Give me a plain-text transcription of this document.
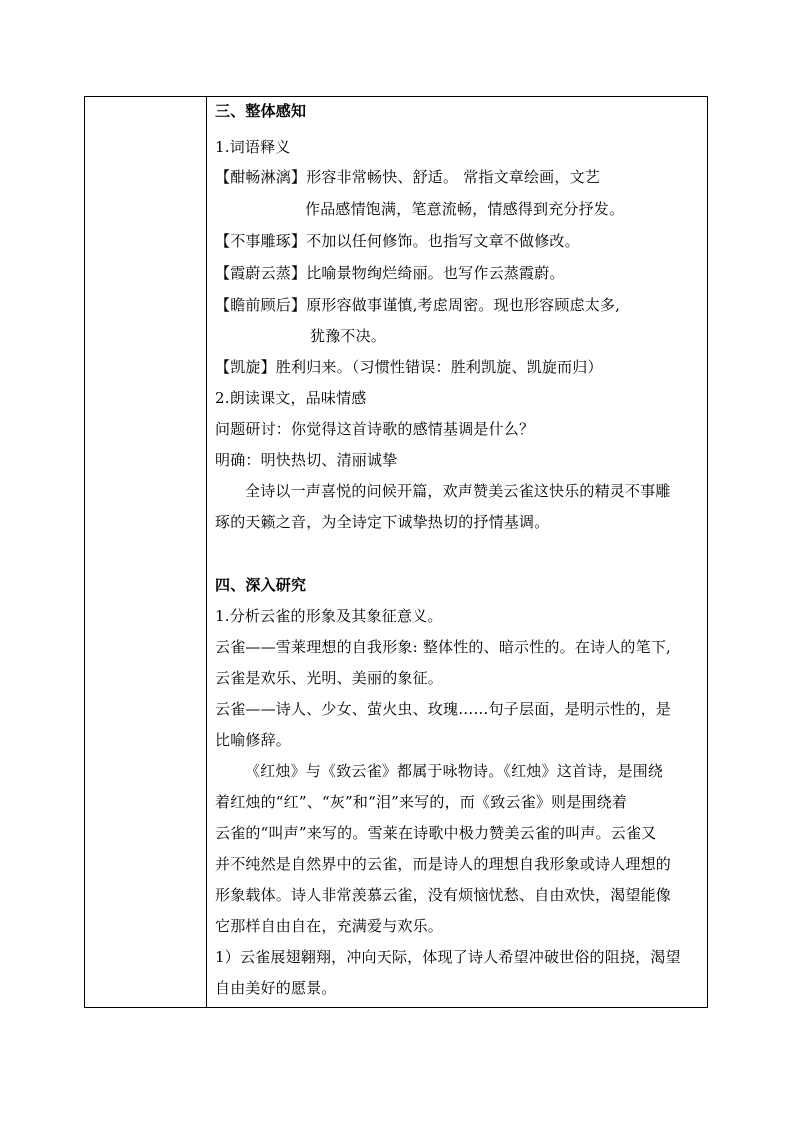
三、整体感知
1.词语释义
【酣畅淋漓】形容非常畅快、舒适。 常指文章绘画，文艺
作品感情饱满，笔意流畅，情感得到充分抒发。
【不事雕琢】不加以任何修饰。也指写文章不做修改。
【霞蔚云蒸】比喻景物绚烂绮丽。也写作云蒸霞蔚。
【瞻前顾后】原形容做事谨慎,考虑周密。现也形容顾虑太多,
犹豫不决。
【凯旋】胜利归来。（习惯性错误：胜利凯旋、凯旋而归）
2.朗读课文，品味情感
问题研讨：你觉得这首诗歌的感情基调是什么？
明确：明快热切、清丽诚挚
全诗以一声喜悦的问候开篇，欢声赞美云雀这快乐的精灵不事雕
琢的天籁之音，为全诗定下诚挚热切的抒情基调。
四、深入研究
1.分析云雀的形象及其象征意义。
云雀——雪莱理想的自我形象: 整体性的、暗示性的。在诗人的笔下,
云雀是欢乐、光明、美丽的象征。
云雀——诗人、少女、萤火虫、玫瑰……句子层面，是明示性的，是
比喻修辞。
《红烛》与《致云雀》都属于咏物诗。《红烛》这首诗，是围绕
着红烛的“红”、“灰”和“泪”来写的，而《致云雀》则是围绕着
云雀的“叫声”来写的。雪莱在诗歌中极力赞美云雀的叫声。云雀又
并不纯然是自然界中的云雀，而是诗人的理想自我形象或诗人理想的
形象载体。诗人非常羡慕云雀，没有烦恼忧愁、自由欢快，渴望能像
它那样自由自在，充满爱与欢乐。
1）云雀展翅翱翔，冲向天际，体现了诗人希望冲破世俗的阻挠，渴望
自由美好的愿景。
